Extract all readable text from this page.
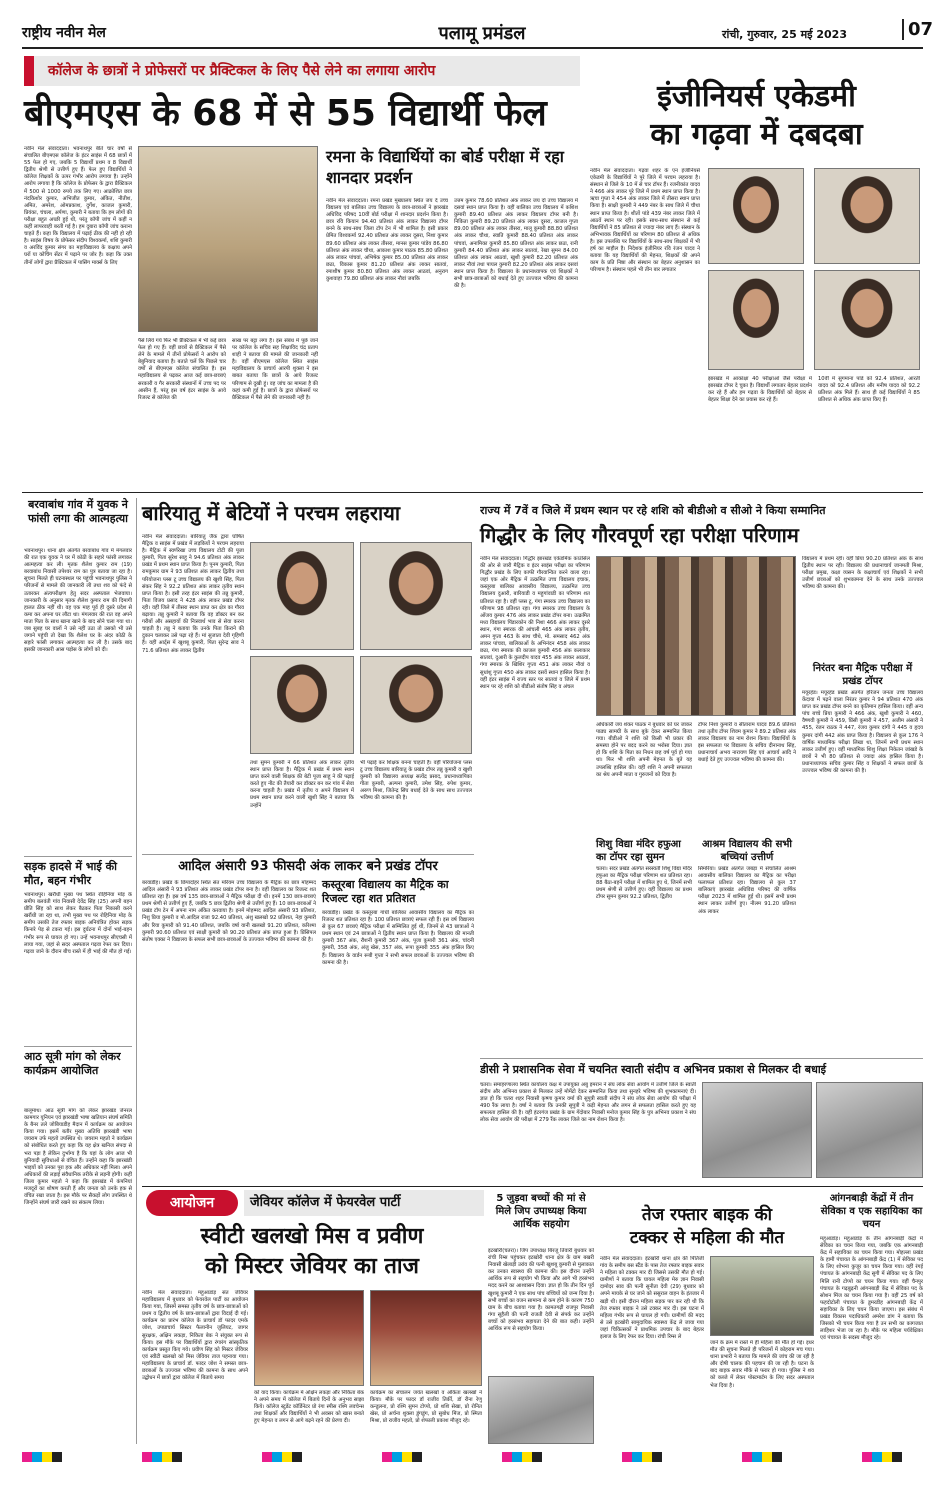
राष्ट्रीय नवीन मेल	पलामू प्रमंडल	रांची, गुरुवार, 25 मई 2023	07
कॉलेज के छात्रों ने प्रोफेसरों पर प्रैक्टिकल के लिए पैसे लेने का लगाया आरोप
बीएमएस के 68 में से 55 विद्यार्थी फेल
नवीन मेल संवाददाता। भवनाथपुर बीते चार वर्षों से संचालित बीएमएस कॉलेज के इंटर साइंस में 68 छात्रों में 55 फेल हो गए, जबकि 5 विद्यार्थी प्रथम व 8 विद्यार्थी द्वितीय श्रेणी से उत्तीर्ण हुए हैं। फेल हुए विद्यार्थियों ने कॉलेज शिक्षकों के ऊपर गंभीर आरोप लगाया है। उन्होंने आरोप लगाया है कि कॉलेज के प्रोफेसर के द्वारा प्रैक्टिकल में 500 से 1000 रुपये तक लिए गए। आक्रोशित छात्र नंदकिशोर कुमार, अभिजीत कुमार, अंकित, नीतीश, अमित, अमरेश, ओमप्रकाश, दुर्गेश, काजल कुमारी, प्रियंका, चंचला, अर्पणा, कुमारी ने बताया कि हम लोगों की परीक्षा बहुत अच्छी हुई थी, परंतु कॉपी जांच में कहीं न कहीं लापरवाही बरती गई है। हम दुबारा कॉपी जांच कराना चाहते हैं। कहा कि विद्यालय में पढ़ाई ठीक की नहीं हो रही है। साइंस विषय के प्रोफेसर संदीप विश्वकर्मा, शशि कुमारी व अरविंद कुमार संगर का महाविद्यालय के कक्षाय अपने घरों या कोचिंग सेंटर में पढ़ाने पर जोर है। कहा कि उक्त तीनों लोगों द्वारा प्रैक्टिकल में पासिंग मार्क्स के लिए
पैसे लिये गये फिर भी प्रैक्टिकल में भी कई छात्र फेल हो गए हैं। वहीं छात्रों से प्रैक्टिकल में पैसे लेने के मामले में तीनों प्रोफेसरों ने आरोप को बेबुनियाद बताया है। बताते चलें कि पिछले चार वर्षों से बीएमएस कॉलेज संचालित है। इस महाविद्यालय से पढ़कर आज कई छात्र-छात्राएं सरकारी व गैर सरकारी संस्थानों में उच्च पद पर आसीन हैं, परंतु इस वर्ष इंटर साइंस के आये रिजल्ट से कॉलेज की
साख पर बट्टा लगा है। इस संबंध में पूछे जाने पर कॉलेज के सचिव सह शिक्षाविद चंद्र प्रताप शाही ने बताया की मामले की जानकारी नहीं है। वहीं बीएमएस कॉलेज स्थित साइंस महाविद्यालय के प्राचार्य आरपी शुक्ला ने इस बाबत बताया कि छात्रों के आये रिजल्ट परिणाम से दुखी हूं। वह जांच का मामला है की कहां कमी हुई है। छात्रों के द्वारा प्रोफेसरों पर प्रैक्टिकल में पैसे लेने की जानकारी नहीं है।
रमना के विद्यार्थियों का बोर्ड परीक्षा में रहा शानदार प्रदर्शन
नवीन मेल संवाददाता। रमना प्रखंड मुख्यालय स्थित जय दे उच्च विद्यालय एवं बालिका उच्च विद्यालय के छात्र-छात्राओं ने झारखंड अधिविद परिषद 10वीं बोर्ड परीक्षा में शानदार प्रदर्शन किया है। छात्र रवि कियान 94.40 प्रतिशत अंक लाकर विद्यालय टॉपर बनने के साथ-साथ जिला टॉप टेन में भी शामिल है। इसी प्रकार प्रेमित विश्वकर्मा 92.40 प्रतिशत अंक लाकर दूसरा, निशा कुमार 89.60 प्रतिशत अंक लाकर तीसरा, मानस कुमार पांडेय 86.80 प्रतिशत अंक लाकर चौथा, आकाश कुमार पाठक 85.80 प्रतिशत अंक लाकर पांचवां, अभिषेक कुमार 85.00 प्रतिशत अंक लाकर छठा, विकास कुमार 81.20 प्रतिशत अंक लाकर सातवां, रमाशीष कुमार 80.80 प्रतिशत अंक लाकर आठवां, अनुराग कुशवाहा 79.80 प्रतिशत अंक लाकर नौवां जबकि
उत्तम कुमार 78.60 प्रतिशत अंक लाकर जय दो उच्च विद्यालय में दसवां स्थान प्राप्त किया है। वहीं बालिका उच्च विद्यालय में कशिश कुमारी 89.40 प्रतिशत अंक लाकर विद्यालय टॉपर बनी है। निकिता कुमारी 89.20 प्रतिशत अंक लाकर दूसरा, काजल गुप्ता 89.00 प्रतिशत अंक लाकर तीसरा, मालू कुमारी 88.80 प्रतिशत अंक लाकर चौथा, स्वाति कुमारी 88.40 प्रतिशत अंक लाकर पांचवां, अनामिका कुमारी 85.80 प्रतिशत अंक लाकर छठा, रानी कुमारी 84.40 प्रतिशत अंक लाकर सातवां, रेखा सुमन 84.00 प्रतिशत अंक लाकर आठवां, खुशी कुमारी 82.20 प्रतिशत अंक लाकर नौवां तथा पायल कुमारी 82.20 प्रतिशत अंक लाकर दसवां स्थान प्राप्त किया है। विद्यालय के प्रधानाध्यापक एवं शिक्षकों ने सभी छात्र-छात्राओं को बधाई देते हुए उज्ज्वल भविष्य की कामना की है।
इंजीनियर्स एकेडमी
का गढ़वा में दबदबा
नवीन मेल संवाददाता। गढ़वा शहर के एन इंजीनियर्स एकेडमी के विद्यार्थियों ने पूरे जिले में परचम लहराया है। संस्थान से जिले के 10 में से चार टॉपर हैं। रजनीकांत यादव ने 466 अंक लाकर पूरे जिले में प्रथम स्थान प्राप्त किया है। ऋचा गुप्ता ने 454 अंक लाकर जिले में तीसरा स्थान प्राप्त किया है। साक्षी कुमारी ने 449 नंबर के साथ जिले में चौथा स्थान प्राप्त किया है। शीतों पांडे 439 नंबर लाकर जिले में आठवें स्थान पर रही। इसके साथ-साथ संस्थान से कई विद्यार्थियों ने 85 प्रतिशत से ज्यादा नंबर लाए हैं। संस्थान के अभिभावक विद्यार्थियों का परिणाम 80 प्रतिशत से अधिक है। इस उपलब्धि पर विद्यार्थियों के साथ-साथ शिक्षकों में भी हर्ष का माहौल है। निदेशक इंजीनियर रवि रंजन यादव ने बताया कि यह विद्यार्थियों की मेहनत, शिक्षकों की अपने काम के प्रति निष्ठा और संस्थान का बेहतर अनुशासन का परिणाम है। संस्थान पहले भी तीन बार लगातार
झारखंड में आकांक्षा 40 परीक्षाओं जैसे परीक्षा में झारखंड टॉपर दे चुका है। विद्यार्थी लगातार बेहतर प्रदर्शन कर रहे हैं और हम गढ़वा के विद्यार्थियों को बेहतर से बेहतर शिक्षा देने का प्रयास कर रहे हैं।
10वीं में सुगमाना पांडे को 92.4 प्रतिशत, आरती यादव को 92.4 प्रतिशत और मनीष यादव को 92.2 प्रतिशत अंक मिले हैं। साथ ही कई विद्यार्थियों ने 85 प्रतिशत से अधिक अंक प्राप्त किए हैं।
बरवाबांध गांव में युवक ने फांसी लगा की आत्महत्या
भवनाथपुर। थाना क्षेत्र अंतर्गत बरवाबांध गांव में मंगलवार की रात एक युवक ने घर में कोठी के सहारे फांसी लगाकर आत्महत्या कर ली। मृतक शैलेश कुमार राम (19) बरवाबांध निवासी तपेश्वर राम का पुत्र बताया जा रहा है। सूचना मिलते ही घटनास्थल पर पहुंची भवनाथपुर पुलिस ने परिजनों से मामले की जानकारी ली तथा शव को फंदे से उतारकर अंत्यपरीक्षण हेतु सदर अस्पताल भेजवाया। जानकारी के अनुसार मृतक शैलेश कुमार राम की दिमागी हालत ठीक नहीं थी। वह एक माह पूर्व ही दूसरे प्रदेश से कमा कर अपना घर लौटा था। मंगलवार की रात वह अपने माता पिता के साथ खाना खाने के बाद सोने चला गया था। जब सुबह घर वालों ने उसे नहीं उठा तो उसको भी उसे जगाने पहुंची तो देखा कि शैलेश घर के अंदर कोठी के सहारे फांसी लगाकर आत्महत्या कर ली है। उसके बाद इसकी जानकारी आस पड़ोस के लोगों को दी।
सड़क हादसे में भाई की मौत, बहन गंभीर
भवनाथपुर। खरौंधी मुख्य पथ स्थित रोहिनिया मोड़ के समीप बलवंती गांव निवासी देवेंद्र सिंह (25) अपनी बहन प्रीति सिंह को साथ लेकर बैठकर पिता निकासी करने खरौंधी जा रहा था, तभी मुख्य पथ पर रोहिनिया मोड़ के समीप उसकी तेज रफ्तार बाइक अनियंत्रित होकर सड़क किनारे पेड़ से टकरा गई। इस दुर्घटना में दोनों भाई-बहन गंभीर रूप से घायल हो गए। उन्हें भवनाथपुर सीएचसी में लाया गया, जहां से सदर अस्पताल गढ़वा रेफर कर दिया। गढ़वा जाने के दौरान बीच रास्ते में ही भाई की मौत हो गई।
आठ सूत्री मांग को लेकर कार्यक्रम आयोजित
बालूमाथ। आठ सूत्री मांग को लेकर झारखंड जेनरल कामगार यूनियन एवं झारखंडी भाषा खतियान संघर्ष समिति के बैनर तले जोबियाडीह मैदान में कार्यक्रम का आयोजन किया गया। इसमें बतौर मुख्य अतिथि झारखंडी भाषा जयराम उर्फ महतो उपस्थित थे। जयराम महतो ने कार्यक्रम को संबोधित करते हुए कहा कि यह क्षेत्र खनिज संपदा से भरा पड़ा है लेकिन दुर्भाग्य है कि यहां के लोग आज भी बुनियादी सुविधाओं से वंचित हैं। उन्होंने कहा कि झारखंडी भाइयों को उनका पूरा हक और अधिकार नहीं मिला। अपने अधिकारों की लड़ाई संवैधानिक तरीके से लड़नी होगी। कहीं जिला कुमार महतो ने कहा कि झारखंड में कंपनियां मजदूरों का शोषण करती हैं और जनता को उनके हक से वंचित रखा जाता है। इस मौके पर सैकड़ों लोग उपस्थित थे जिन्होंने संघर्ष जारी रखने का संकल्प लिया।
बारियातु में बेटियों ने परचम लहराया
नवीन मेल संवाददाता। बारियातु जैक द्वारा घोषित मैट्रिक व साइंस में प्रखंड में लड़कियों ने परचम लहराया है। मैट्रिक में स्वर्णरेखा उच्च विद्यालय टोटी की पूजा कुमारी, पिता सुरेश साहू ने 94.6 प्रतिशत अंक लाकर प्रखंड में प्रथम स्थान प्राप्त किया है। पूनम कुमारी, पिता रामकुमार ग्राम ने 93 प्रतिशत अंक लाकर द्वितीय तथा परियोजना प्लस टू उच्च विद्यालय की खुशी सिंह, पिता संकर सिंह ने 92.2 प्रतिशत अंक लाकर तृतीय स्थान प्राप्त किया है। इसी तरह इंटर साइंस की तन्नु कुमारी, पिता विजय प्रसाद ने 428 अंक लाकर प्रखंड टॉपर रही। वहीं जिले में तीसरा स्थान प्राप्त कर क्षेत्र का गौरव बढ़ाया। तन्नु कुमारी ने बताया कि वह डॉक्टर बन कर गरीबों और असहायों की निःस्वार्थ भाव से सेवा करना चाहती है। तन्नु ने बताया कि उनके पिता किराने की दुकान चलाकर उसे पढ़ा रहे हैं। मां सुजाता देवी गृहिणी हैं। वहीं आर्ट्स में खुशबू कुमारी, पिता सुरेन्द्र साव ने 71.6 प्रतिशत अंक लाकर द्वितीय
तथा सुमन कुमारी ने 66 प्रतिशत अंक लाकर तृतीय स्थान प्राप्त किया है। मैट्रिक में प्रखंड में प्रथम स्थान प्राप्त करने वाली शिक्षक की बेटी पूजा साहू ने की पढ़ाई करते हुए नीट की तैयारी कर डॉक्टर बन कर गांव में सेवा करना चाहती है। प्रखंड में तृतीय व अपने विद्यालय में प्रथम स्थान प्राप्त करने वाली खुशी सिंह ने बताया कि उन्होंने
भी पढ़ाई कर शिक्षक बनना चाहती है। वहीं परियोजना प्लस टू उच्च विद्यालय बारियातु के प्रखंड टॉपर तन्नु कुमारी व खुशी कुमारी को विद्यालय अध्यक्ष सत्येंद्र प्रसाद, प्रधानाध्यापिका गीता कुमारी, अल्पना कुमारी, उमेश सिंह, रुपेश कुमार, अरुण मिश्रा, जितेन्द्र सिंघ बधाई देते के साथ साथ उज्ज्वल भविष्य की कामना की है।
आदिल अंसारी 93 फीसदी अंक लाकर बने प्रखंड टॉपर
बरवाडीह। प्रखंड के छिपादोहर स्थित संत मरियम उच्च विद्यालय के मैट्रिक का छात्र मोहम्मद आदिल अंसारी ने 93 प्रतिशत अंक लाकर प्रखंड टॉपर बना है। वहीं विद्यालय का रिजल्ट शत प्रतिशत रहा है। इस वर्ष 135 छात्र-छात्राओं ने मैट्रिक परीक्षा दी थी। इनमें 130 छात्र-छात्राएं प्रथम श्रेणी से उत्तीर्ण हुए हैं, जबकि 5 छात्र द्वितीय श्रेणी से उत्तीर्ण हुए हैं। 10 छात्र-छात्राओं ने प्रखंड टॉप टेन में अपना नाम अंकित करवाया है। इनमें मोहम्मद आदिल अंसारी 93 प्रतिशत, निशु प्रिया कुमारी व मो.आदिल राजा 92.40 प्रतिशत, अंशु खलखो 92 प्रतिशत, नेहा कुमारी और रिया कुमारी को 91.40 प्रतिशत, जबकि वर्षा यानी खलखो 91.20 प्रतिशत, करिश्मा कुमारी 90.60 प्रतिशत एवं साक्षी कुमारी को 90.20 प्रतिशत अंक प्राप्त हुआ है। प्रिंसिपल संतोष एक्का ने विद्यालय के सफल सभी छात्र-छात्राओं के उज्ज्वल भविष्य की कामना की है।
कस्तूरबा विद्यालय का मैट्रिक का रिजल्ट रहा शत प्रतिशत
बरवाडीह। प्रखंड के कस्तूरबा गांधी बालिका आवासीय विद्यालय का मैट्रिक का रिजल्ट शत प्रतिशत रहा है। 100 प्रतिशत छात्राएं सफल रही हैं। इस वर्ष विद्यालय से कुल 67 छात्राएं मैट्रिक परीक्षा में सम्मिलित हुई थी, जिनमें से 43 छात्राओं ने प्रथम स्थान एवं 24 छात्राओं ने द्वितीय स्थान प्राप्त किया है। विद्यालय की मानती कुमारी 367 अंक, रौशनी कुमारी 367 अंक, पूजा कुमारी 361 अंक, चांदनी कुमारी, 358 अंक, अंजु खेस, 357 अंक, रूपा कुमारी 355 अंक हासिल किए हैं। विद्यालय के वार्डन रूबी गुप्ता ने सभी सफल छात्राओं के उज्ज्वल भविष्य की कामना की है।
राज्य में 7वें व जिले में प्रथम स्थान पर रहे शशि को बीडीओ व सीओ ने किया सम्मानित
गिद्धौर के लिए गौरवपूर्ण रहा परीक्षा परिणाम
नवीन मेल संवाददाता। गिद्धौर झारखंड एकेडमिक काउंसिल की ओर से जारी मैट्रिक व इंटर साइंस परीक्षा का परिणाम गिद्धौर प्रखंड के लिए काफी गौरवान्वित करने वाला रहा। जहां एक ओर मैट्रिक में उत्क्रमित उच्च विद्यालय इचाक, कस्तूरबा बालिका आवासीय विद्यालय, उत्क्रमित उच्च विद्यालय दुआरी, बारियाडी व महुगांवाडी का परिणाम शत प्रतिशत रहा है। वहीं प्लस टू, गंगा स्मारक उच्च विद्यालय का परिणाम 98 प्रतिशत रहा। गंगा स्मारक उच्च विद्यालय के ओंजय कुमार 476 अंक लाकर प्रखंड टॉपर बना। उत्क्रमित मध्य विद्यालय पिंडारकोन की निशा 466 अंक लाकर दूसरे स्थान, गंगा स्मारक की आंचली 465 अंक लाकर तृतीय, अमन गुप्ता 463 के साथ चौथे, मो. समसाद 462 अंक लाकर पांचवा, बालिकाओं के अभिनंदन 458 अंक लाकर छठा, गंगा स्मारक की काजल कुमारी 456 अंक कलाकार सातवां, दुआरी के कुलदीप यादव 455 अंक लाकर आठवां, गंगा स्मारक के खिशिर गुप्ता 451 अंक लाकर नौवां व सुधांशु गुप्ता 450 अंक लाकर दसवें स्थान हासिल किया है। वहीं इंटर साइंस में राज्य स्तर पर सातवां व जिले में प्रथम स्थान पर रहे शशि को बीडीओ संतोष सिंह व अंचल
अधिकारी जय शंकर पाठक ने बुधवार को घर जाकर पाठ्य सामग्री के साथ बुके देकर सम्मानित किया गया। बीडीओ ने शशि को किसी भी प्रकार की समस्या होने पर बदद करने का भरोसा दिया। ज्ञात हो कि शशि के पिता का निधन छह वर्ष पूर्व हो गया था। फिर भी शशि अपनी मेहनत के बूते यह उपलब्धि हासिल की। वहीं शशि ने अपनी सफलता का श्रेय अपनी माता व गुरुजनों को दिया है।
टॉपर निशा कुमारी व सीताराम यादव 89.6 प्रतिशत तथा तृतीय टॉपर शिवम कुमार ने 89.2 प्रतिशत अंक लाकर विद्यालय का नाम रोशन किया। विद्यार्थियों के इस सफलता पर विद्यालय के सचिव दीनानाथ सिंह, प्रधानाचार्य अभय नारायण सिंह एवं आचार्य आदि ने बधाई देते हुए उज्ज्वल भविष्य की कामना की।
विद्यालय में प्रथम रही। वहीं प्रिया 90.20 प्रतिशत अंक के साथ द्वितीय स्थान पर रही। विद्यालय की प्रधानाचार्य जानमती मिश्रा, परीक्षा प्रमुख, कक्षा व्यसन के कक्षाचार्य एवं शिक्षकों ने सभी उत्तीर्ण छात्राओं को शुभकामना देने के साथ उनके उज्ज्वल भविष्य की कामना की।
शिशु विद्या मंदिर हफुआ का टॉपर रहा सुमन
चतरा। सदर प्रखंड अंतर्गत सरस्वती शिशु विद्या मंदिर हफुआ का मैट्रिक परीक्षा परिणाम शत प्रतिशत रहा। 88 बैठा-बहनें परीक्षा में शामिल हुए थे, जिनमें सभी प्रथम श्रेणी से उत्तीर्ण हुए। वहीं विद्यालय का प्रथम टॉपर सुमन कुमार 92.2 प्रतिशत, द्वितीय
आश्रम विद्यालय की सभी बच्चियां उत्तीर्ण
सिमरिया। प्रखंड अंतर्गत जबड़ा में संचालित आश्रम आवासीय बालिका विद्यालय का मैट्रिक का परीक्षा फलाफल प्रतिशत रहा। विद्यालय से कुल 37 बालिकाएं झारखंड अधिविद्य परिषद की वार्षिक परीक्षा 2023 में शामिल हुई थी। इसमें सभी प्रथम स्थान लाकर उत्तीर्ण हुए। नीलम 91.20 प्रतिशत अंक लाकर
निरंतर बना मैट्रिक परीक्षा में प्रखंड टॉपर
मयूरहंड। मयूरहंड प्रखंड अंतर्गत हरिजन जनता उच्च विद्यालय केंदाया में पढ़ने वाला निरंतर कुमार ने 94 प्रतिशत 470 अंक प्राप्त कर प्रखंड टॉपर बनने का कृतिमान हासिल किया। वहीं अन्य पांच बच्चे प्रिया कुमारी ने 466 अंक, खुशी कुमारी ने 460, वैष्णवी कुमारी ने 459, प्रिंसी कुमारी ने 457, अजीम अंसारी ने 455, रंजन राठक ने 447, रंजय कुमार दांगी ने 445 व हृदय कुमार दांगी 442 अंक प्राप्त किया है। विद्यालय से कुल 176 ने वार्षिक माध्यमिक परीक्षा लिखा था, जिनमें सभी प्रथम स्थान लाकर उत्तीर्ण हुए। वहीं माध्यमिक शिशु शिक्षा निकेतन जांखडे के छात्रों ने भी 80 प्रतिशत से ज्यादा अंक हासिल किया है। प्रधानाध्यापक सचिव कुमार सिंह व शिक्षकों ने सफल छात्रों के उज्ज्वल भविष्य की कामना की है।
डीसी ने प्रशासनिक सेवा में चयनित स्वाती संदीप व अभिनव प्रकाश से मिलकर दी बधाई
चतरा। समाहरणालय स्थित कार्यालय कक्ष में उपायुक्त अबु इमरान ने संघ लोक सेवा आयोग में उत्तीर्ण जिले के स्वाती संदीप और अभिनव प्रकाश से मिलकर उन्हें मोमेंटो देकर सम्मानित किया तथा सुनहरे भविष्य की शुभकामनाएं दी। ज्ञात हो कि चतरा शहर निवासी कृष्णा कुमार वर्मा की सुपुत्री स्वाती संदीप ने संघ लोक सेवा आयोग की परीक्षा में 490 रैंक लाया है। वर्षा ने बताया कि उनकी सुपुत्री ने कड़ी मेहनत और लगन से सफलता हासिल करते हुए यह सफलता हासिल की है। वहीं हंटरगंज प्रखंड के ग्राम गेंदोबार निवासी मनोज कुमार सिंह के पुत्र अभिनव प्रकाश ने संघ लोक सेवा आयोग की परीक्षा में 279 रैंक लाकर जिले का नाम रोशन किया है।
आयोजन	जेवियर कॉलेज में फेयरवेल पार्टी
स्वीटी खलखो मिस व प्रवीण
को मिस्टर जेवियर का ताज
नवीन मेल संवाददाता। महुआडांड़ संत जेवियर महाविद्यालय में बुधवार को फेयरवेल पार्टी का आयोजन किया गया, जिसमें समस्त तृतीय वर्ष के छात्र-छात्राओं को प्रथम व द्वितीय वर्ष के छात्र-छात्राओं द्वारा विदाई दी गई। कार्यक्रम का प्रारंभ कॉलेज के प्राचार्य डॉ फादर एमके जोश, उपप्राचार्य सिस्टर फैलानीन जुलियट, जागर सुरक्षक, अक्षिन लकड़ा, निकिता बेक ने संयुक्त रूप से किया। इस मौके पर विद्यार्थियों द्वारा रंगारंग सांस्कृतिक कार्यक्रम प्रस्तुत किए गये। प्रवीण सिंह को मिस्टर जेवियर एवं स्वीटी खलखो को मिस जेवियर ताज पहनाया गया। महाविद्यालय के प्राचार्य डॉ. फादर जोश ने समस्त छात्र-छात्राओं के उज्ज्वल भविष्य की कामना के साथ अपने उद्बोधन में छात्रों द्वारा कॉलेज में बिताये समय
को याद किया। कार्यक्रम में अक्षिन लकड़ा और निकिता बेक ने अपने समय में कॉलेज में बिताये दिनों के अनुभव साझा किये। कॉलेज स्टूडेंट कॉर्डिनेटर प्रो रंगा स्पीस रश्मि लवचेन्स तथा शिक्षकों और विद्यार्थियों ने भी अवसर को खास बनाते हुए मेहनत व लगन से आगे बढ़ने रहने की प्रेरणा दी।
कार्यक्रम का संचालन जयंत खलखो व अंकिता खलखो ने किया। मौके पर फादर डॉ राजीव तिर्की, डॉ रीना रेणु कन्डुलना, प्रो रश्मि सुमन टोप्पो, प्रो शशि सेखा, प्रो रोनित खेस, प्रो अर्चना शुक्ला डुंगडुंग, प्रो सुबोध मिंज, प्रो स्मिता मिश्रा, प्रो राजीव महतो, प्रो शेफाली प्रकाश मौजूद रहे।
5 जुड़वा बच्चों की मां से मिले जिप उपाध्यक्ष किया आर्थिक सहयोग
इटखोरी(चतरा)। जिप उपाध्यक्ष बिरजू तिवारी बुधवार को रांची रिम्स पहुंचकर इटखोरी थाना क्षेत्र के ग्राम बखरी निवासी खेलाड़ी उरांव की पत्नी खुशबू कुमारी से मुलाकात कर उनका स्वास्थ्य की कामना की। इस दौरान उन्होंने आर्थिक रूप से सहयोग भी किया और आगे भी हरसंभव मदद करने का आश्वासन दिया। ज्ञात हो कि तीन दिन पूर्व खुशबू कुमारी ने एक साथ पांच बच्चियों को जन्म दिया है। सभी बच्चों का वजन सामान्य से कम होने के कारण 750 ग्राम के बीच बताया गया है। कामतगढ़ी राजपुर निवासी गंगा सुहैली की पत्नी राजती देवी से संपर्क कर उन्होंने बच्चों को हरसंभव सहायता देने की बात कही। उन्होंने आर्थिक रूप से सहयोग किया।
तेज रफ्तार बाइक की
टक्कर से महिला की मौत
नवीन मेल संवाददाता। इंटखोरी थाना क्षेत्र की पितिजी गांव के समीप बस स्टैंड के पास तेज रफ्तार बाइक सवार ने महिला को टक्कर मार दी जिससे उसकी मौत हो गई। ग्रामीणों ने बताया कि घायल महिला मेरु ज्ञान निवासी दामोदर साव की पत्नी सुनीता देवी (29) बुधवार को अपने मायके से घर जाने को ससुराल वाहन के इंतजार में खड़ी थी। इसी दौरान महिला सड़क पार कर रही थी कि तेज रफ्तार बाइक ने उसे टक्कर मार दी। इस घटना में महिला गंभीर रूप से घायल हो गयी। ग्रामीणों की मदद से उसे इटखोरी सामुदायिक स्वास्थ्य केंद्र ले जाया गया जहां चिकित्सकों ने प्राथमिक उपचार के बाद बेहतर इलाज के लिए रेफर कर दिया। रांची रिम्स ले
जाने के क्रम में रास्ते में ही महिला की मौत हो गई। इधर मौत की सूचना मिलते ही परिजनों में कोहराम मच गया। थाना प्रभारी ने बताया कि मामले की जांच की जा रही है और दोषी चालक की पहचान की जा रही है। घटना के बाद बाइक सवार मौके से फरार हो गया। पुलिस ने शव को कब्जे में लेकर पोस्टमार्टम के लिए सदर अस्पताल भेज दिया है।
आंगनबाड़ी केंद्रों में तीन सेविका व एक सहायिका का चयन
महुआडांड़। महुआडांड़ के तीन आंगनबाड़ी केंद्रों में सेविका का चयन किया गया, जबकि एक आंगनबाड़ी केंद्र में सहायिका का चयन किया गया। मोहल्ला प्रखंड के हामी पंचायत के आंगनबाड़ी केंद्र (1) में सेविका पद के लिए शोभना कुजूर का चयन किया गया। वहीं रंगई पंचायत के आंगनबाड़ी केंद्र सुगी में सेविका पद के लिए मिलि रानी टोप्पो का चयन किया गया। वहीं चैनपुर पंचायत के गढ़बुढ़नी आंगनबाड़ी केंद्र में सेविका पद के सोशन मिंज का चयन किया गया है। वहीं 25 वर्ष को फहदोटोली पंचायत के डुमरडीह आंगनबाड़ी केंद्र में सहायिका के लिए चयन किया जाएगा। इस संबंध में प्रखंड विकास पदाधिकारी अमरेश डांग ने बताया कि जिसको भी चयन किया गया है उन सभी का कागजात लाहिशर भेजा जा रहा है। मौके पर महिला पर्यवेक्षिका एवं पंचायत के सदस्य मौजूद रहे।
